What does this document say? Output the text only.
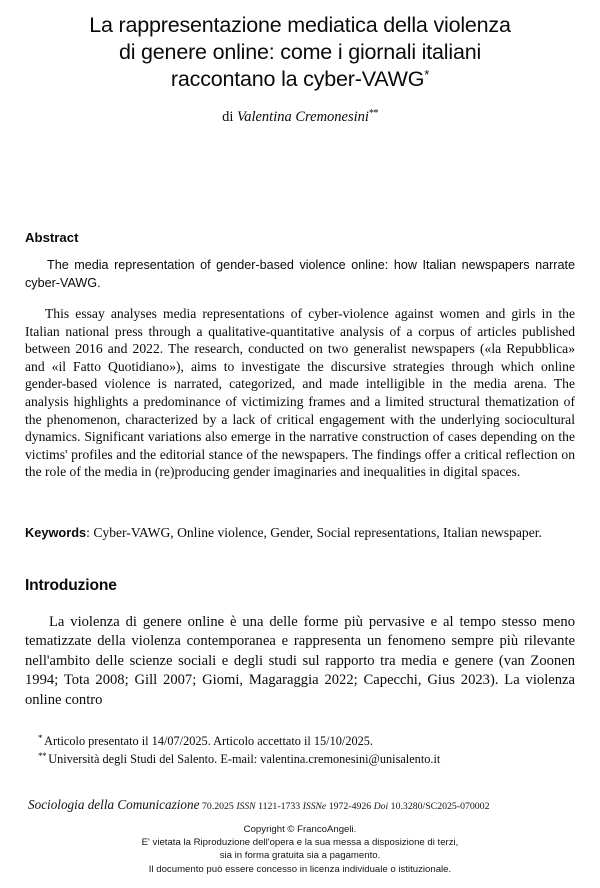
La rappresentazione mediatica della violenza
di genere online: come i giornali italiani
raccontano la cyber-VAWG*
di Valentina Cremonesini**
Abstract

The media representation of gender-based violence online: how Italian newspapers narrate cyber-VAWG.

This essay analyses media representations of cyber-violence against women and girls in the Italian national press through a qualitative-quantitative analysis of a corpus of articles published between 2016 and 2022. The research, conducted on two generalist newspapers («la Repubblica» and «il Fatto Quotidiano»), aims to investigate the discursive strategies through which online gender-based violence is narrated, categorized, and made intelligible in the media arena. The analysis highlights a predominance of victimizing frames and a limited structural thematization of the phenomenon, characterized by a lack of critical engagement with the underlying sociocultural dynamics. Significant variations also emerge in the narrative construction of cases depending on the victims' profiles and the editorial stance of the newspapers. The findings offer a critical reflection on the role of the media in (re)producing gender imaginaries and inequalities in digital spaces.

Keywords: Cyber-VAWG, Online violence, Gender, Social representations, Italian newspaper.

Introduzione

La violenza di genere online è una delle forme più pervasive e al tempo stesso meno tematizzate della violenza contemporanea e rappresenta un fenomeno sempre più rilevante nell'ambito delle scienze sociali e degli studi sul rapporto tra media e genere (van Zoonen 1994; Tota 2008; Gill 2007; Giomi, Magaraggia 2022; Capecchi, Gius 2023). La violenza online contro

* Articolo presentato il 14/07/2025. Articolo accettato il 15/10/2025.

** Università degli Studi del Salento. E-mail: valentina.cremonesini@unisalento.it

Sociologia della Comunicazione 70.2025 ISSN 1121-1733 ISSNe 1972-4926 Doi 10.3280/SC2025-070002
Copyright © FrancoAngeli.
E' vietata la Riproduzione dell'opera e la sua messa a disposizione di terzi,
sia in forma gratuita sia a pagamento.
Il documento può essere concesso in licenza individuale o istituzionale.
